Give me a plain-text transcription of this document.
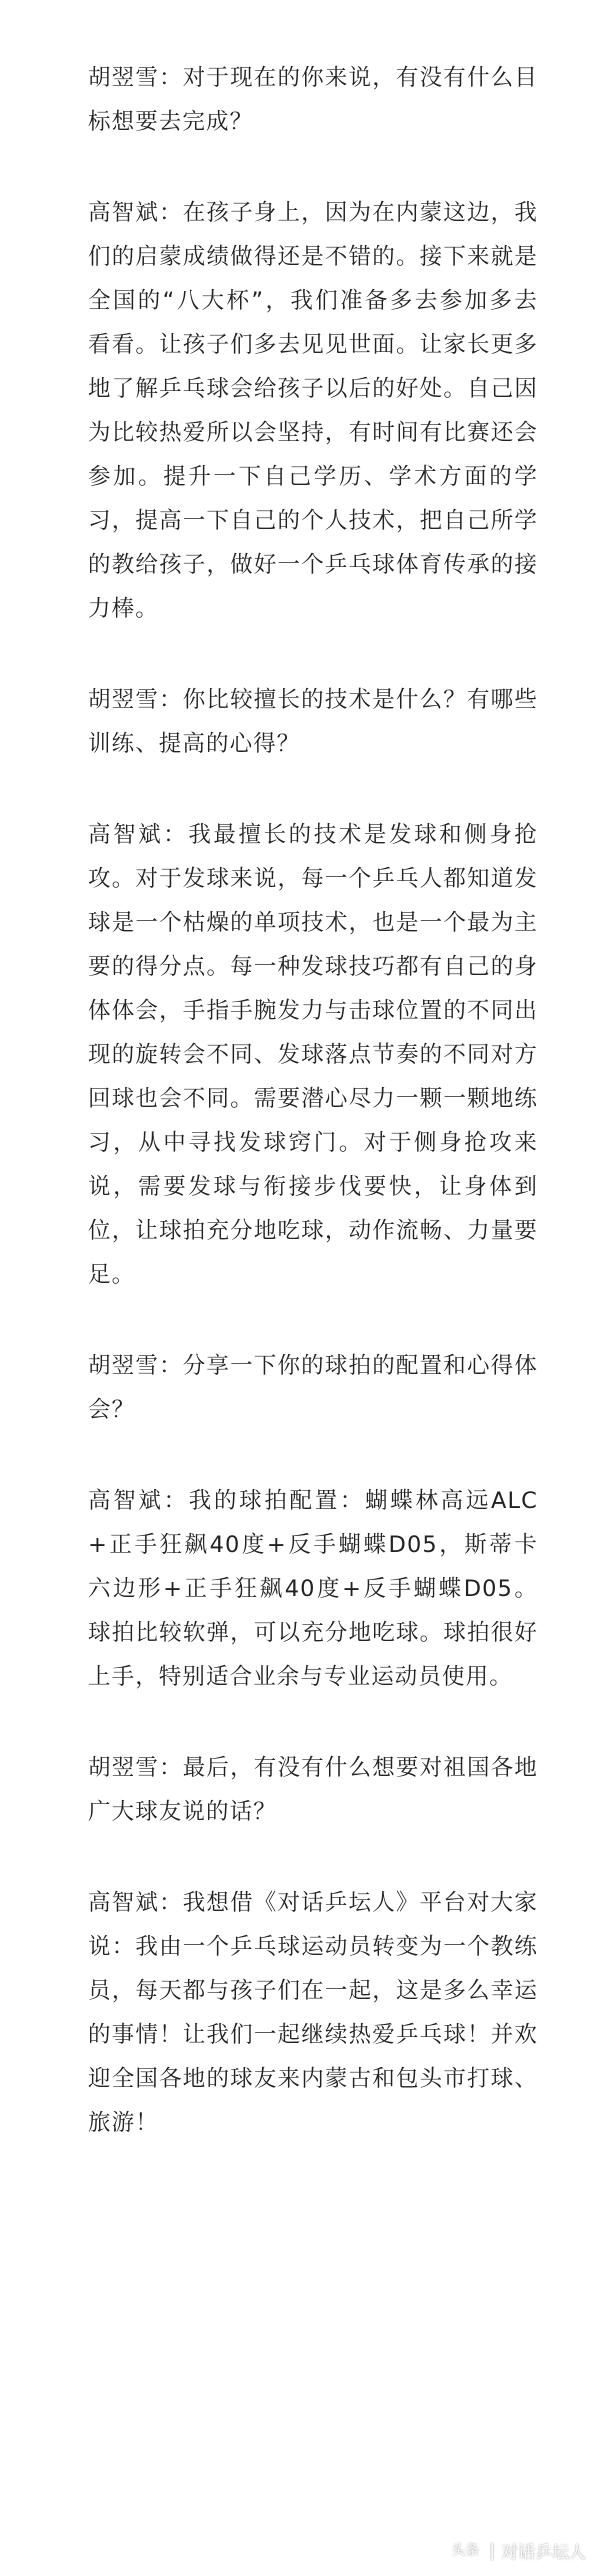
胡翌雪：对于现在的你来说，有没有什么目标想要去完成？

高智斌：在孩子身上，因为在内蒙这边，我们的启蒙成绩做得还是不错的。接下来就是全国的“八大杯”，我们准备多去参加多去看看。让孩子们多去见见世面。让家长更多地了解乒乓球会给孩子以后的好处。自己因为比较热爱所以会坚持，有时间有比赛还会参加。提升一下自己学历、学术方面的学习，提高一下自己的个人技术，把自己所学的教给孩子，做好一个乒乓球体育传承的接力棒。

胡翌雪：你比较擅长的技术是什么？有哪些训练、提高的心得？

高智斌：我最擅长的技术是发球和侧身抢攻。对于发球来说，每一个乒乓人都知道发球是一个枯燥的单项技术，也是一个最为主要的得分点。每一种发球技巧都有自己的身体体会，手指手腕发力与击球位置的不同出现的旋转会不同、发球落点节奏的不同对方回球也会不同。需要潜心尽力一颗一颗地练习，从中寻找发球窍门。对于侧身抢攻来说，需要发球与衔接步伐要快，让身体到位，让球拍充分地吃球，动作流畅、力量要足。

胡翌雪：分享一下你的球拍的配置和心得体会？

高智斌：我的球拍配置：蝴蝶林高远ALC+正手狂飙40度+反手蝴蝶D05，斯蒂卡六边形+正手狂飙40度+反手蝴蝶D05。球拍比较软弹，可以充分地吃球。球拍很好上手，特别适合业余与专业运动员使用。

胡翌雪：最后，有没有什么想要对祖国各地广大球友说的话？

高智斌：我想借《对话乒坛人》平台对大家说：我由一个乒乓球运动员转变为一个教练员，每天都与孩子们在一起，这是多么幸运的事情！让我们一起继续热爱乒乓球！并欢迎全国各地的球友来内蒙古和包头市打球、旅游！

头条 | 对话乒坛人
